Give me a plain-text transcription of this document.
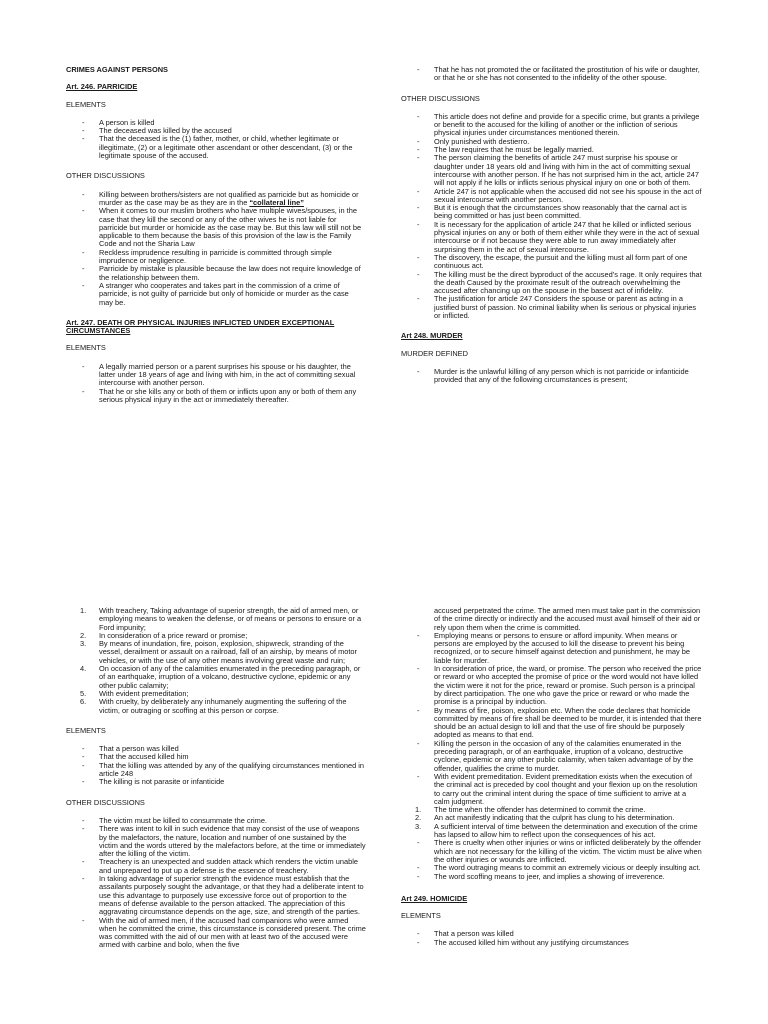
CRIMES AGAINST PERSONS
Art. 246. PARRICIDE
ELEMENTS
- A person is killed
- The deceased was killed by the accused
- That the deceased is the (1) father, mother, or child, whether legitimate or illegitimate, (2) or a legitimate other ascendant or other descendant, (3) or the legitimate spouse of the accused.
OTHER DISCUSSIONS
- Killing between brothers/sisters are not qualified as parricide but as homicide or murder as the case may be as they are in the “collateral line”
- When it comes to our muslim brothers who have multiple wives/spouses, in the case that they kill the second or any of the other wives he is not liable for parricide but murder or homicide as the case may be. But this law will still not be applicable to them because the basis of this provision of the law is the Family Code and not the Sharia Law
- Reckless imprudence resulting in parricide is committed through simple imprudence or negligence.
- Parricide by mistake is plausible because the law does not require knowledge of the relationship between them.
- A stranger who cooperates and takes part in the commission of a crime of parricide, is not guilty of parricide but only of homicide or murder as the case may be.
Art. 247. DEATH OR PHYSICAL INJURIES INFLICTED UNDER EXCEPTIONAL CIRCUMSTANCES
ELEMENTS
- A legally married person or a parent surprises his spouse or his daughter, the latter under 18 years of age and living with him, in the act of committing sexual intercourse with another person.
- That he or she kills any or both of them or inflicts upon any or both of them any serious physical injury in the act or immediately thereafter.
- That he has not promoted the or facilitated the prostitution of his wife or daughter, or that he or she has not consented to the infidelity of the other spouse.
OTHER DISCUSSIONS
- This article does not define and provide for a specific crime, but grants a privilege or benefit to the accused for the killing of another or the infliction of serious physical injuries under circumstances mentioned therein.
- Only punished with destierro.
- The law requires that he must be legally married.
- The person claiming the benefits of article 247 must surprise his spouse or daughter under 18 years old and living with him in the act of committing sexual intercourse with another person. If he has not surprised him in the act, article 247 will not apply if he kills or inflicts serious physical injury on one or both of them.
- Article 247 is not applicable when the accused did not see his spouse in the act of sexual intercourse with another person.
- But it is enough that the circumstances show reasonably that the carnal act is being committed or has just been committed.
- It is necessary for the application of article 247 that he killed or inflicted serious physical injuries on any or both of them either while they were in the act of sexual intercourse or if not because they were able to run away immediately after surprising them in the act of sexual intercourse.
- The discovery, the escape, the pursuit and the killing must all form part of one continuous act.
- The killing must be the direct byproduct of the accused’s rage. It only requires that the death Caused by the proximate result of the outreach overwhelming the accused after chancing up on the spouse in the basest act of infidelity.
- The justification for article 247 Considers the spouse or parent as acting in a justified burst of passion. No criminal liability when lis serious or physical injuries or inflicted.
Art 248. MURDER
MURDER DEFINED
- Murder is the unlawful killing of any person which is not parricide or infanticide provided that any of the following circumstances is present;
1. With treachery, Taking advantage of superior strength, the aid of armed men, or employing means to weaken the defense, or of means or persons to ensure or a Ford impunity;
2. In consideration of a price reward or promise;
3. By means of inundation, fire, poison, explosion, shipwreck, stranding of the vessel, derailment or assault on a railroad, fall of an airship, by means of motor vehicles, or with the use of any other means involving great waste and ruin;
4. On occasion of any of the calamities enumerated in the preceding paragraph, or of an earthquake, irruption of a volcano, destructive cyclone, epidemic or any other public calamity;
5. With evident premeditation;
6. With cruelty, by deliberately any inhumanely augmenting the suffering of the victim, or outraging or scoffing at this person or corpse.
ELEMENTS
- That a person was killed
- That the accused killed him
- That the killing was attended by any of the qualifying circumstances mentioned in article 248
- The killing is not parasite or infanticide
OTHER DISCUSSIONS
- The victim must be killed to consummate the crime.
- There was intent to kill in such evidence that may consist of the use of weapons by the malefactors, the nature, location and number of one sustained by the victim and the words uttered by the malefactors before, at the time or immediately after the killing of the victim.
- Treachery is an unexpected and sudden attack which renders the victim unable and unprepared to put up a defense is the essence of treachery.
- In taking advantage of superior strength the evidence must establish that the assailants purposely sought the advantage, or that they had a deliberate intent to use this advantage to purposely use excessive force out of proportion to the means of defense available to the person attacked. The appreciation of this aggravating circumstance depends on the age, size, and strength of the parties.
- With the aid of armed men, if the accused had companions who were armed when he committed the crime, this circumstance is considered present. The crime was committed with the aid of our men with at least two of the accused were armed with carbine and bolo, when the five
accused perpetrated the crime. The armed men must take part in the commission of the crime directly or indirectly and the accused must avail himself of their aid or rely upon them when the crime is committed.
- Employing means or persons to ensure or afford impunity. When means or persons are employed by the accused to kill the disease to prevent his being recognized, or to secure himself against detection and punishment, he may be liable for murder.
- In consideration of price, the ward, or promise. The person who received the price or reward or who accepted the promise of price or the word would not have killed the victim were it not for the price, reward or promise. Such person is a principal by direct participation. The one who gave the price or reward or who made the promise is a principal by induction.
- By means of fire, poison, explosion etc. When the code declares that homicide committed by means of fire shall be deemed to be murder, it is intended that there should be an actual design to kill and that the use of fire should be purposely adopted as means to that end.
- Killing the person in the occasion of any of the calamities enumerated in the preceding paragraph, or of an earthquake, irruption of a volcano, destructive cyclone, epidemic or any other public calamity, when taken advantage of by the offender, qualifies the crime to murder.
- With evident premeditation. Evident premeditation exists when the execution of the criminal act is preceded by cool thought and your flexion up on the resolution to carry out the criminal intent during the space of time sufficient to arrive at a calm judgment.
1. The time when the offender has determined to commit the crime.
2. An act manifestly indicating that the culprit has clung to his determination.
3. A sufficient interval of time between the determination and execution of the crime has lapsed to allow him to reflect upon the consequences of his act.
- There is cruelty when other injuries or wins or inflicted deliberately by the offender which are not necessary for the killing of the victim. The victim must be alive when the other injuries or wounds are inflicted.
- The word outraging means to commit an extremely vicious or deeply insulting act.
- The word scoffing means to jeer, and implies a showing of irreverence.
Art 249. HOMICIDE
ELEMENTS
- That a person was killed
- The accused killed him without any justifying circumstances
